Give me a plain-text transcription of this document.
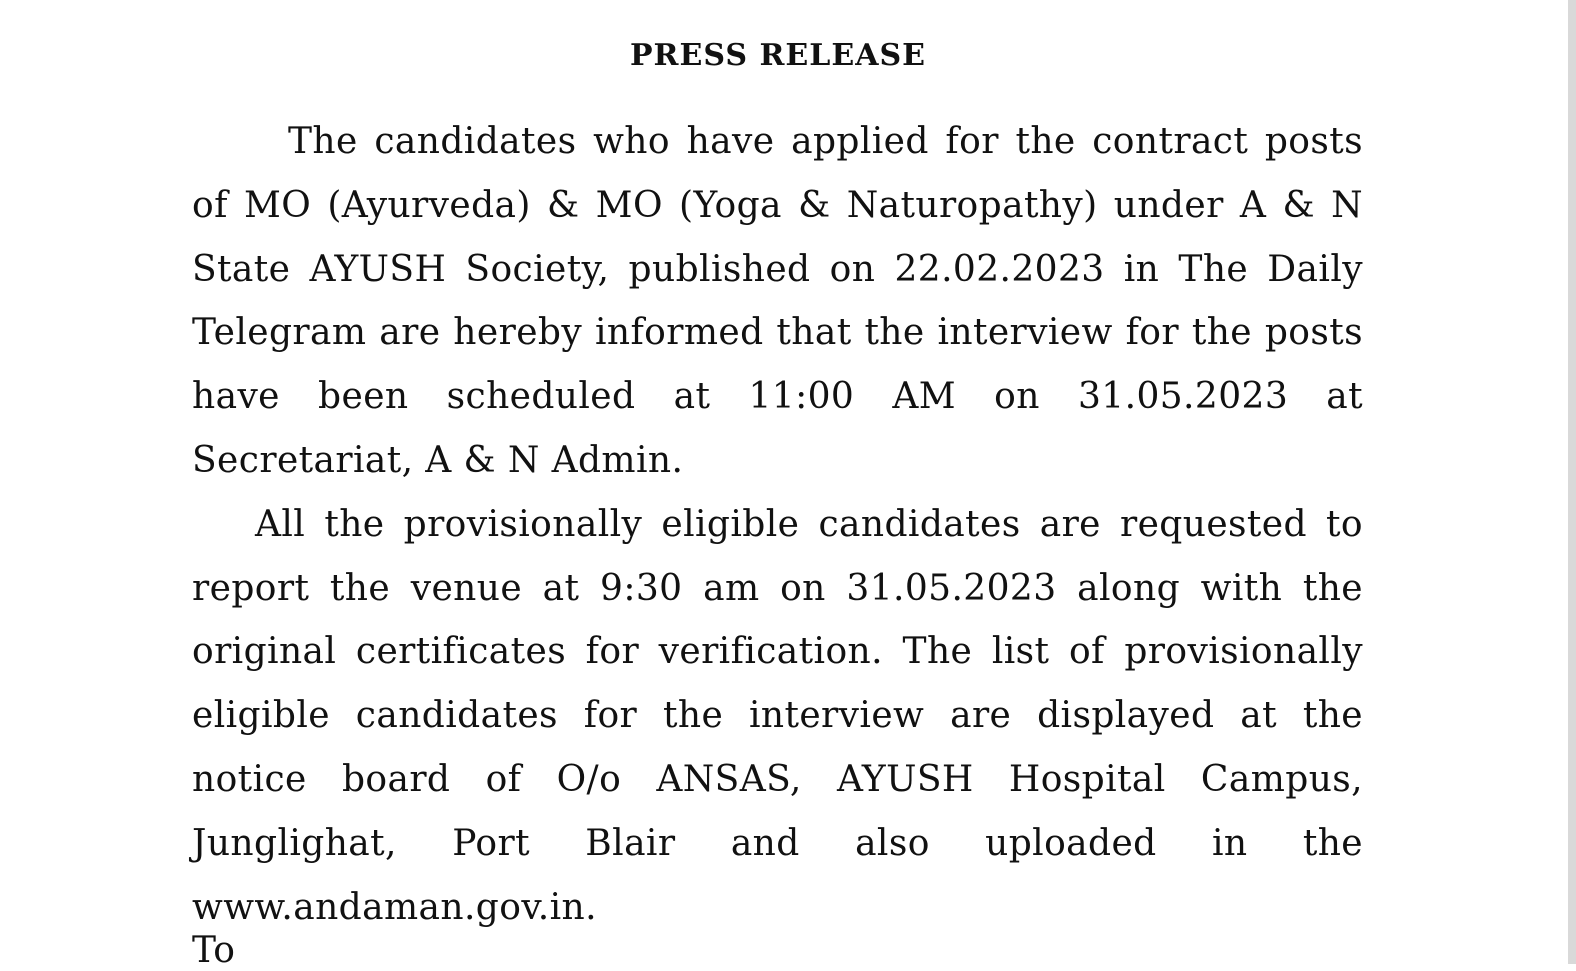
PRESS RELEASE

The candidates who have applied for the contract posts of MO (Ayurveda) & MO (Yoga & Naturopathy) under A & N State AYUSH Society, published on 22.02.2023 in The Daily Telegram are hereby informed that the interview for the posts have been scheduled at 11:00 AM on 31.05.2023 at Secretariat, A & N Admin.

All the provisionally eligible candidates are requested to report the venue at 9:30 am on 31.05.2023 along with the original certificates for verification. The list of provisionally eligible candidates for the interview are displayed at the notice board of O/o ANSAS, AYUSH Hospital Campus, Junglighat, Port Blair and also uploaded in the www.andaman.gov.in.

To
